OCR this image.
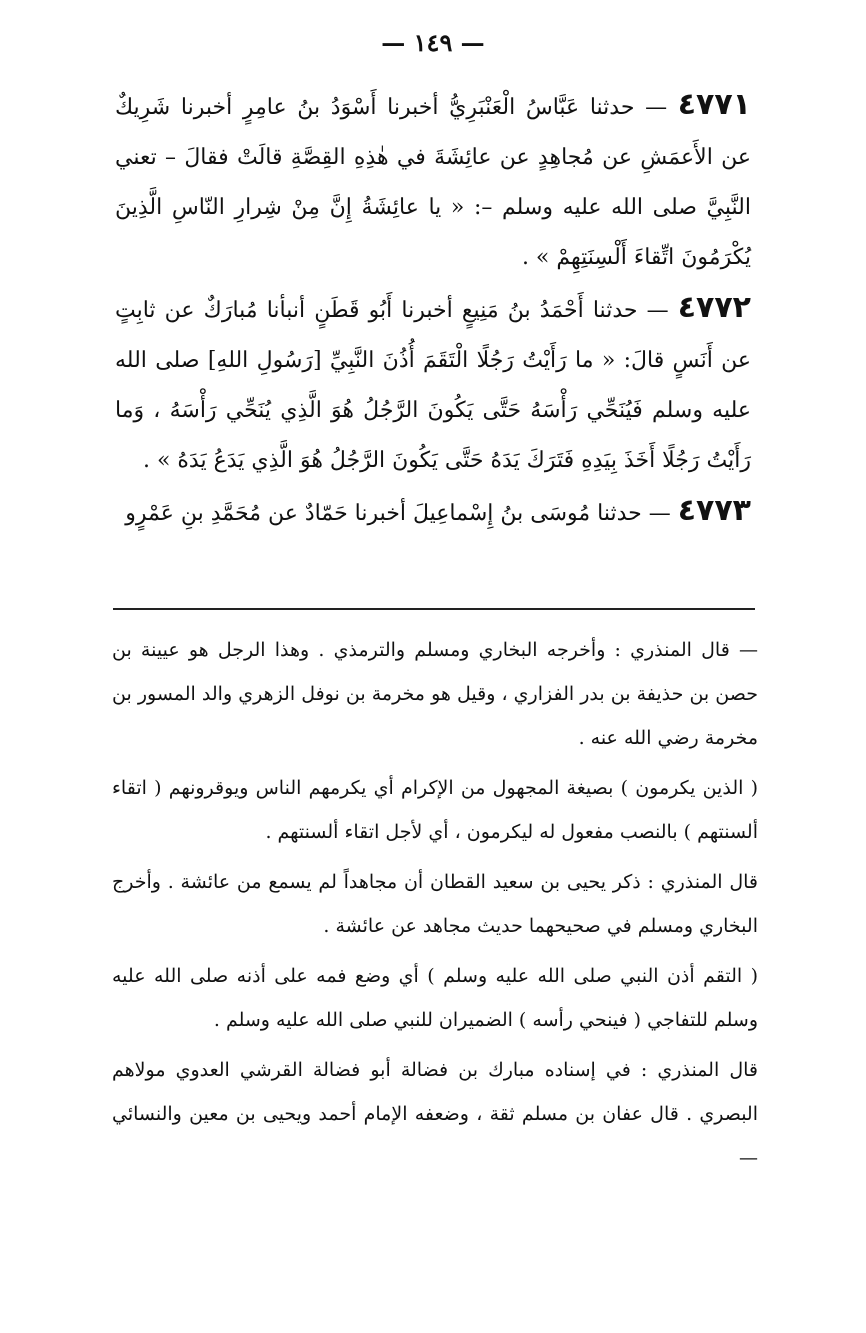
— ١٤٩ —

٤٧٧١ — حدثنا عَبَّاسُ الْعَنْبَرِيُّ أخبرنا أَسْوَدُ بنُ عامِرٍ أخبرنا شَرِيكٌ عن الأَعمَشِ عن مُجاهِدٍ عن عائِشَةَ في هٰذِهِ القِصَّةِ قالَتْ فقالَ – تعني النَّبِيَّ صلى الله عليه وسلم –: « يا عائِشَةُ إِنَّ مِنْ شِرارِ النّاسِ الَّذِينَ يُكْرَمُونَ اتِّقاءَ أَلْسِنَتِهِمْ » .

٤٧٧٢ — حدثنا أَحْمَدُ بنُ مَنِيعٍ أخبرنا أَبُو قَطَنٍ أنبأنا مُبارَكٌ عن ثابِتٍ عن أَنَسٍ قالَ: « ما رَأَيْتُ رَجُلًا الْتَقَمَ أُذُنَ النَّبِيِّ [رَسُولِ اللهِ] صلى الله عليه وسلم فَيُنَحِّي رَأْسَهُ حَتَّى يَكُونَ الرَّجُلُ هُوَ الَّذِي يُنَحِّي رَأْسَهُ ، وَما رَأَيْتُ رَجُلًا أَخَذَ بِيَدِهِ فَتَرَكَ يَدَهُ حَتَّى يَكُونَ الرَّجُلُ هُوَ الَّذِي يَدَعُ يَدَهُ » .

٤٧٧٣ — حدثنا مُوسَى بنُ إِسْماعِيلَ أخبرنا حَمّادٌ عن مُحَمَّدِ بنِ عَمْرٍو

— قال المنذري : وأخرجه البخاري ومسلم والترمذي . وهذا الرجل هو عيينة بن حصن بن حذيفة بن بدر الفزاري ، وقيل هو مخرمة بن نوفل الزهري والد المسور بن مخرمة رضي الله عنه .

( الذين يكرمون ) بصيغة المجهول من الإكرام أي يكرمهم الناس ويوقرونهم ( اتقاء ألسنتهم ) بالنصب مفعول له ليكرمون ، أي لأجل اتقاء ألسنتهم .

قال المنذري : ذكر يحيى بن سعيد القطان أن مجاهداً لم يسمع من عائشة . وأخرج البخاري ومسلم في صحيحهما حديث مجاهد عن عائشة .

( التقم أذن النبي صلى الله عليه وسلم ) أي وضع فمه على أذنه صلى الله عليه وسلم للتفاجي ( فينحي رأسه ) الضميران للنبي صلى الله عليه وسلم .

قال المنذري : في إسناده مبارك بن فضالة أبو فضالة القرشي العدوي مولاهم البصري . قال عفان بن مسلم ثقة ، وضعفه الإمام أحمد ويحيى بن معين والنسائي —
